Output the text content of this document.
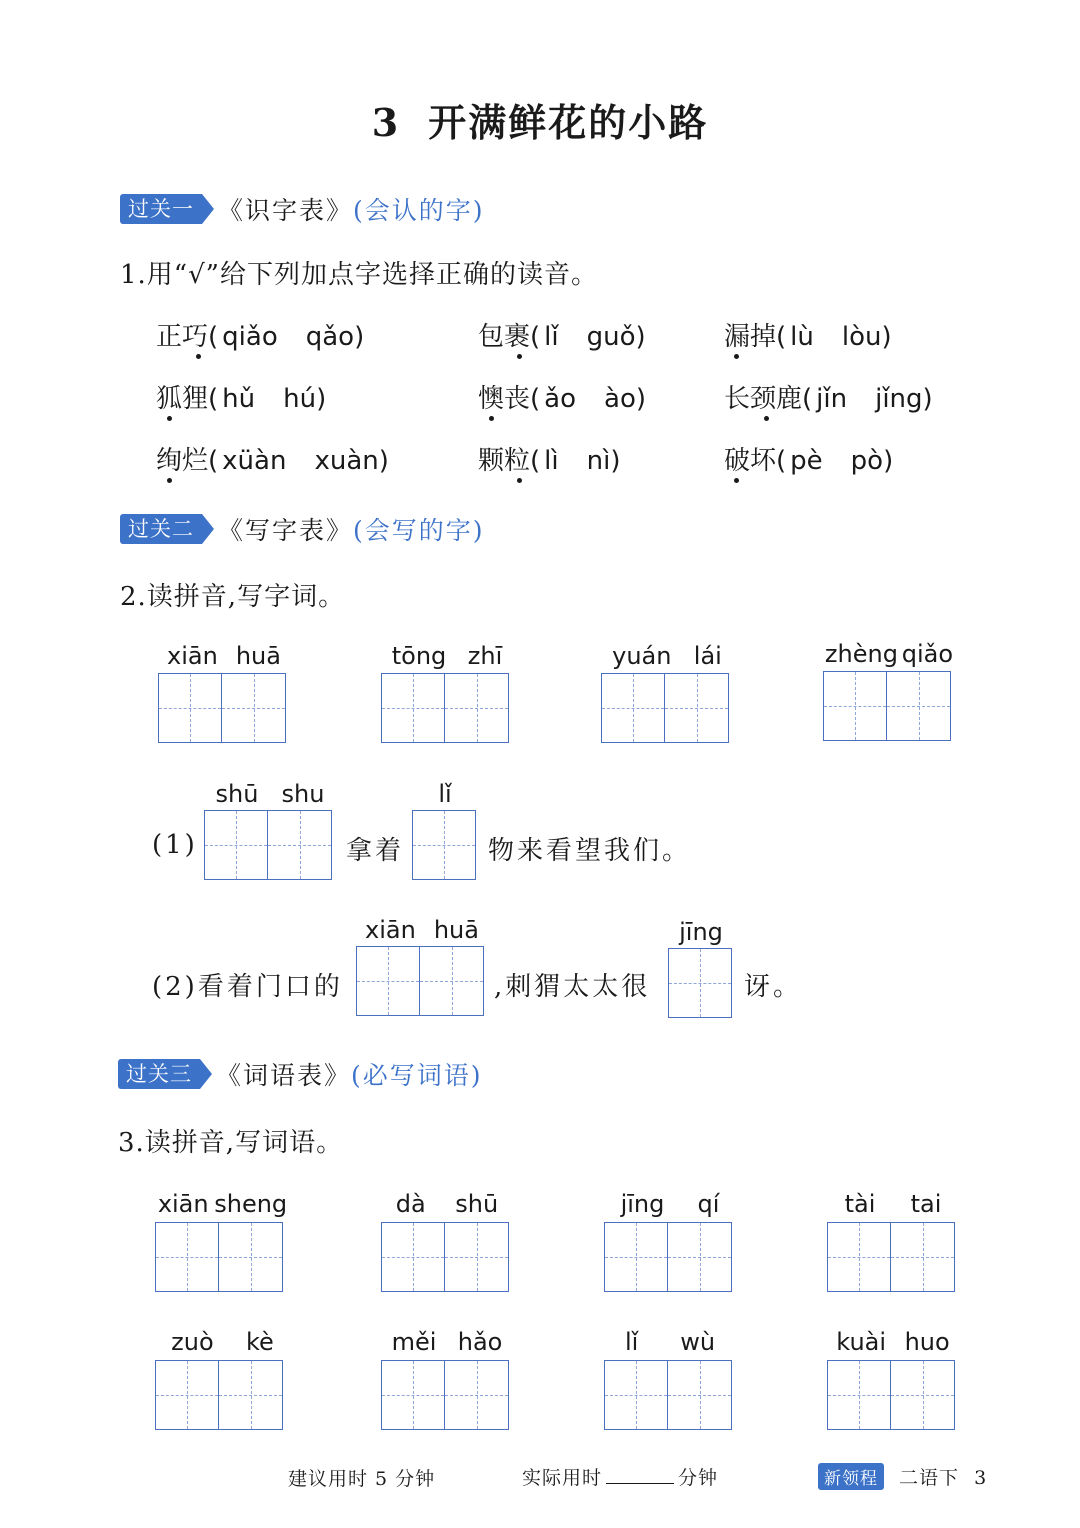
3 开满鲜花的小路
过关一 《识字表》 (会认的字)
1.用“√”给下列加点字选择正确的读音。
正巧( qiǎo qǎo)	包裹( lǐ guǒ)	漏掉( lù lòu)
狐狸( hǔ hú)	懊丧( ǎo ào)	长颈鹿( jǐn jǐng)
绚烂( xüàn xuàn)	颗粒( lì nì)	破坏( pè pò)
过关二 《写字表》 (会写的字)
2.读拼音,写字词。
xiān huā	tōng zhī	yuán lái	zhèng qiǎo
shū shu	lǐ
(1)	拿着	物来看望我们。
xiān huā	jīng
(2)看着门口的	,刺猬太太很	讶。
过关三 《词语表》 (必写词语)
3.读拼音,写词语。
xiān sheng	dà shū	jīng qí	tài tai
zuò kè	měi hǎo	lǐ wù	kuài huo
建议用时 5 分钟	实际用时	分钟	新领程 二语下 3
